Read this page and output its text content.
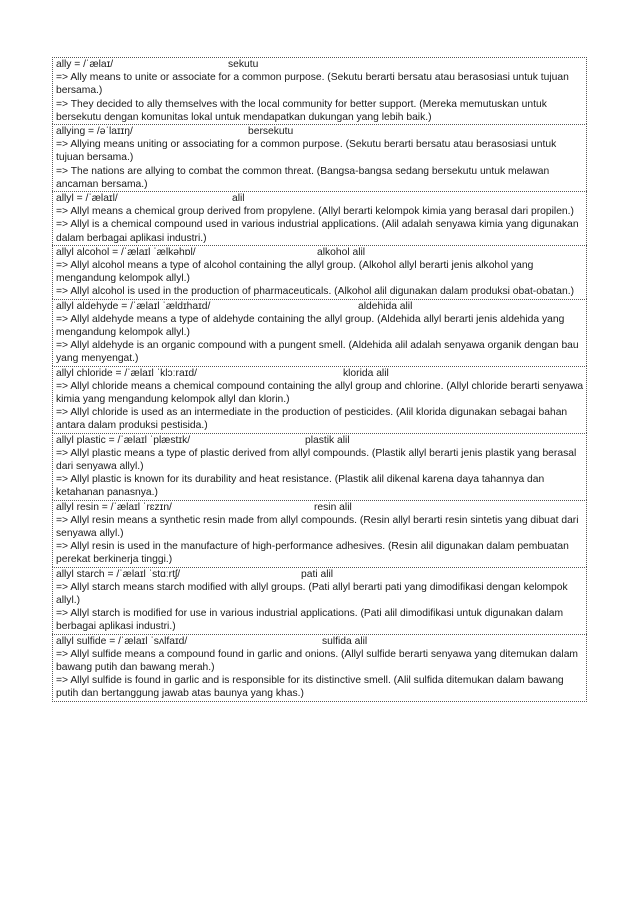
ally = /ˈælaɪ/	sekutu

=> Ally means to unite or associate for a common purpose. (Sekutu berarti bersatu atau berasosiasi untuk tujuan bersama.)

=> They decided to ally themselves with the local community for better support. (Mereka memutuskan untuk bersekutu dengan komunitas lokal untuk mendapatkan dukungan yang lebih baik.)

allying = /əˈlaɪɪŋ/	bersekutu

=> Allying means uniting or associating for a common purpose. (Sekutu berarti bersatu atau berasosiasi untuk tujuan bersama.)

=> The nations are allying to combat the common threat. (Bangsa-bangsa sedang bersekutu untuk melawan ancaman bersama.)

allyl = /ˈælaɪl/	alil

=> Allyl means a chemical group derived from propylene. (Allyl berarti kelompok kimia yang berasal dari propilen.)

=> Allyl is a chemical compound used in various industrial applications. (Alil adalah senyawa kimia yang digunakan dalam berbagai aplikasi industri.)

allyl alcohol = /ˈælaɪl ˈælkəhɒl/	alkohol alil

=> Allyl alcohol means a type of alcohol containing the allyl group. (Alkohol allyl berarti jenis alkohol yang mengandung kelompok allyl.)

=> Allyl alcohol is used in the production of pharmaceuticals. (Alkohol alil digunakan dalam produksi obat-obatan.)

allyl aldehyde = /ˈælaɪl ˈældɪhaɪd/	aldehida alil

=> Allyl aldehyde means a type of aldehyde containing the allyl group. (Aldehida allyl berarti jenis aldehida yang mengandung kelompok allyl.)

=> Allyl aldehyde is an organic compound with a pungent smell. (Aldehida alil adalah senyawa organik dengan bau yang menyengat.)

allyl chloride = /ˈælaɪl ˈklɔːraɪd/	klorida alil

=> Allyl chloride means a chemical compound containing the allyl group and chlorine. (Allyl chloride berarti senyawa kimia yang mengandung kelompok allyl dan klorin.)

=> Allyl chloride is used as an intermediate in the production of pesticides. (Alil klorida digunakan sebagai bahan antara dalam produksi pestisida.)

allyl plastic = /ˈælaɪl ˈplæstɪk/	plastik alil

=> Allyl plastic means a type of plastic derived from allyl compounds. (Plastik allyl berarti jenis plastik yang berasal dari senyawa allyl.)

=> Allyl plastic is known for its durability and heat resistance. (Plastik alil dikenal karena daya tahannya dan ketahanan panasnya.)

allyl resin = /ˈælaɪl ˈrɛzɪn/	resin alil

=> Allyl resin means a synthetic resin made from allyl compounds. (Resin allyl berarti resin sintetis yang dibuat dari senyawa allyl.)

=> Allyl resin is used in the manufacture of high-performance adhesives. (Resin alil digunakan dalam pembuatan perekat berkinerja tinggi.)

allyl starch = /ˈælaɪl ˈstɑːrtʃ/	pati alil

=> Allyl starch means starch modified with allyl groups. (Pati allyl berarti pati yang dimodifikasi dengan kelompok allyl.)

=> Allyl starch is modified for use in various industrial applications. (Pati alil dimodifikasi untuk digunakan dalam berbagai aplikasi industri.)

allyl sulfide = /ˈælaɪl ˈsʌlfaɪd/	sulfida alil

=> Allyl sulfide means a compound found in garlic and onions. (Allyl sulfide berarti senyawa yang ditemukan dalam bawang putih dan bawang merah.)

=> Allyl sulfide is found in garlic and is responsible for its distinctive smell. (Alil sulfida ditemukan dalam bawang putih dan bertanggung jawab atas baunya yang khas.)
